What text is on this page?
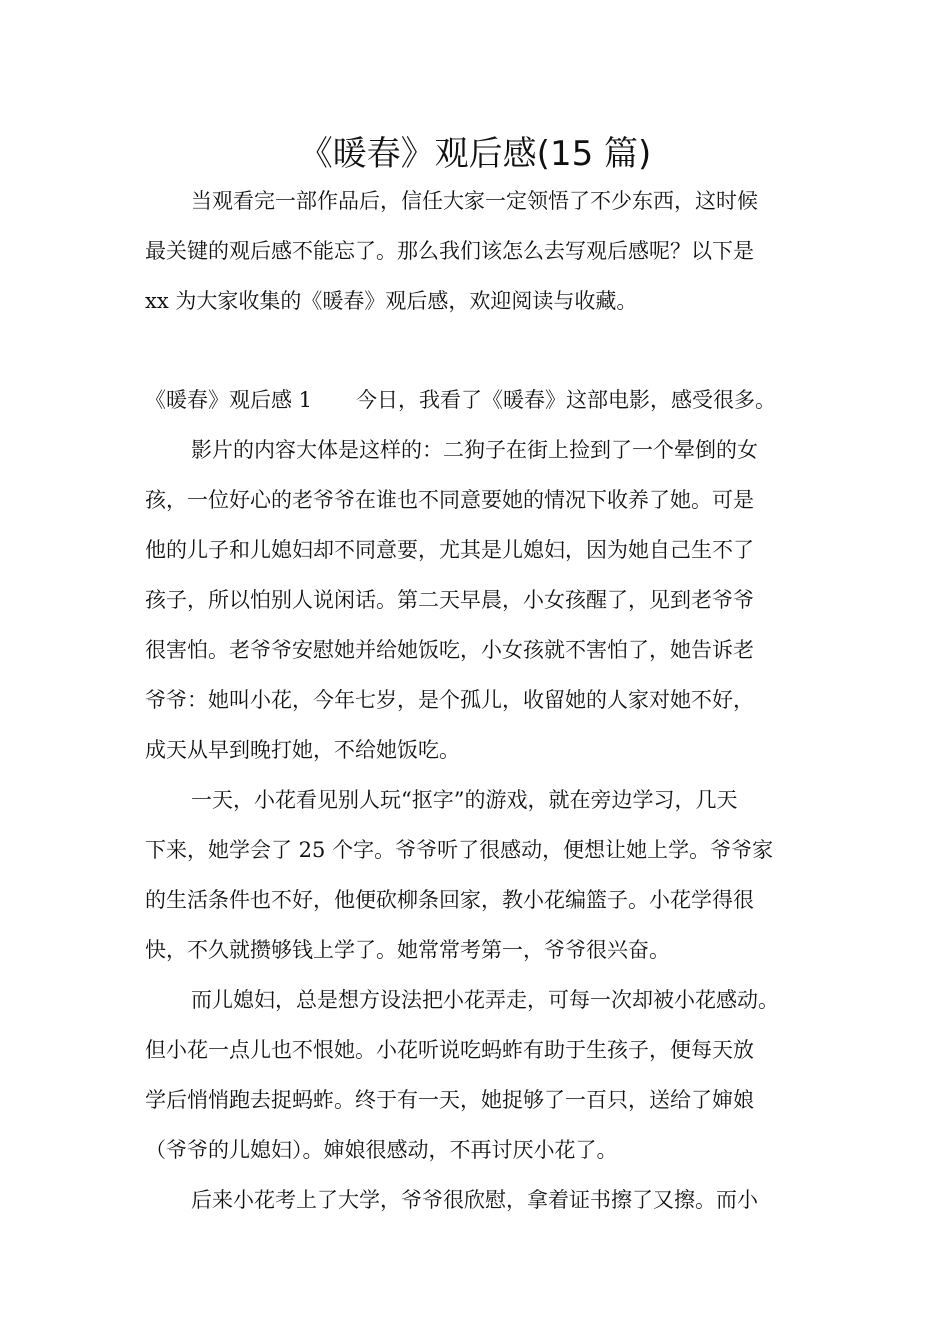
《暖春》观后感(15 篇)
当观看完一部作品后，信任大家一定领悟了不少东西，这时候
最关键的观后感不能忘了。那么我们该怎么去写观后感呢？以下是
xx 为大家收集的《暖春》观后感，欢迎阅读与收藏。
《暖春》观后感 1 今日，我看了《暖春》这部电影，感受很多。
影片的内容大体是这样的：二狗子在街上捡到了一个晕倒的女
孩，一位好心的老爷爷在谁也不同意要她的情况下收养了她。可是
他的儿子和儿媳妇却不同意要，尤其是儿媳妇，因为她自己生不了
孩子，所以怕别人说闲话。第二天早晨，小女孩醒了，见到老爷爷
很害怕。老爷爷安慰她并给她饭吃，小女孩就不害怕了，她告诉老
爷爷：她叫小花，今年七岁，是个孤儿，收留她的人家对她不好，
成天从早到晚打她，不给她饭吃。
一天，小花看见别人玩“抠字”的游戏，就在旁边学习，几天
下来，她学会了 25 个字。爷爷听了很感动，便想让她上学。爷爷家
的生活条件也不好，他便砍柳条回家，教小花编篮子。小花学得很
快，不久就攒够钱上学了。她常常考第一，爷爷很兴奋。
而儿媳妇，总是想方设法把小花弄走，可每一次却被小花感动。
但小花一点儿也不恨她。小花听说吃蚂蚱有助于生孩子，便每天放
学后悄悄跑去捉蚂蚱。终于有一天，她捉够了一百只，送给了婶娘
（爷爷的儿媳妇）。婶娘很感动，不再讨厌小花了。
后来小花考上了大学，爷爷很欣慰，拿着证书擦了又擦。而小
